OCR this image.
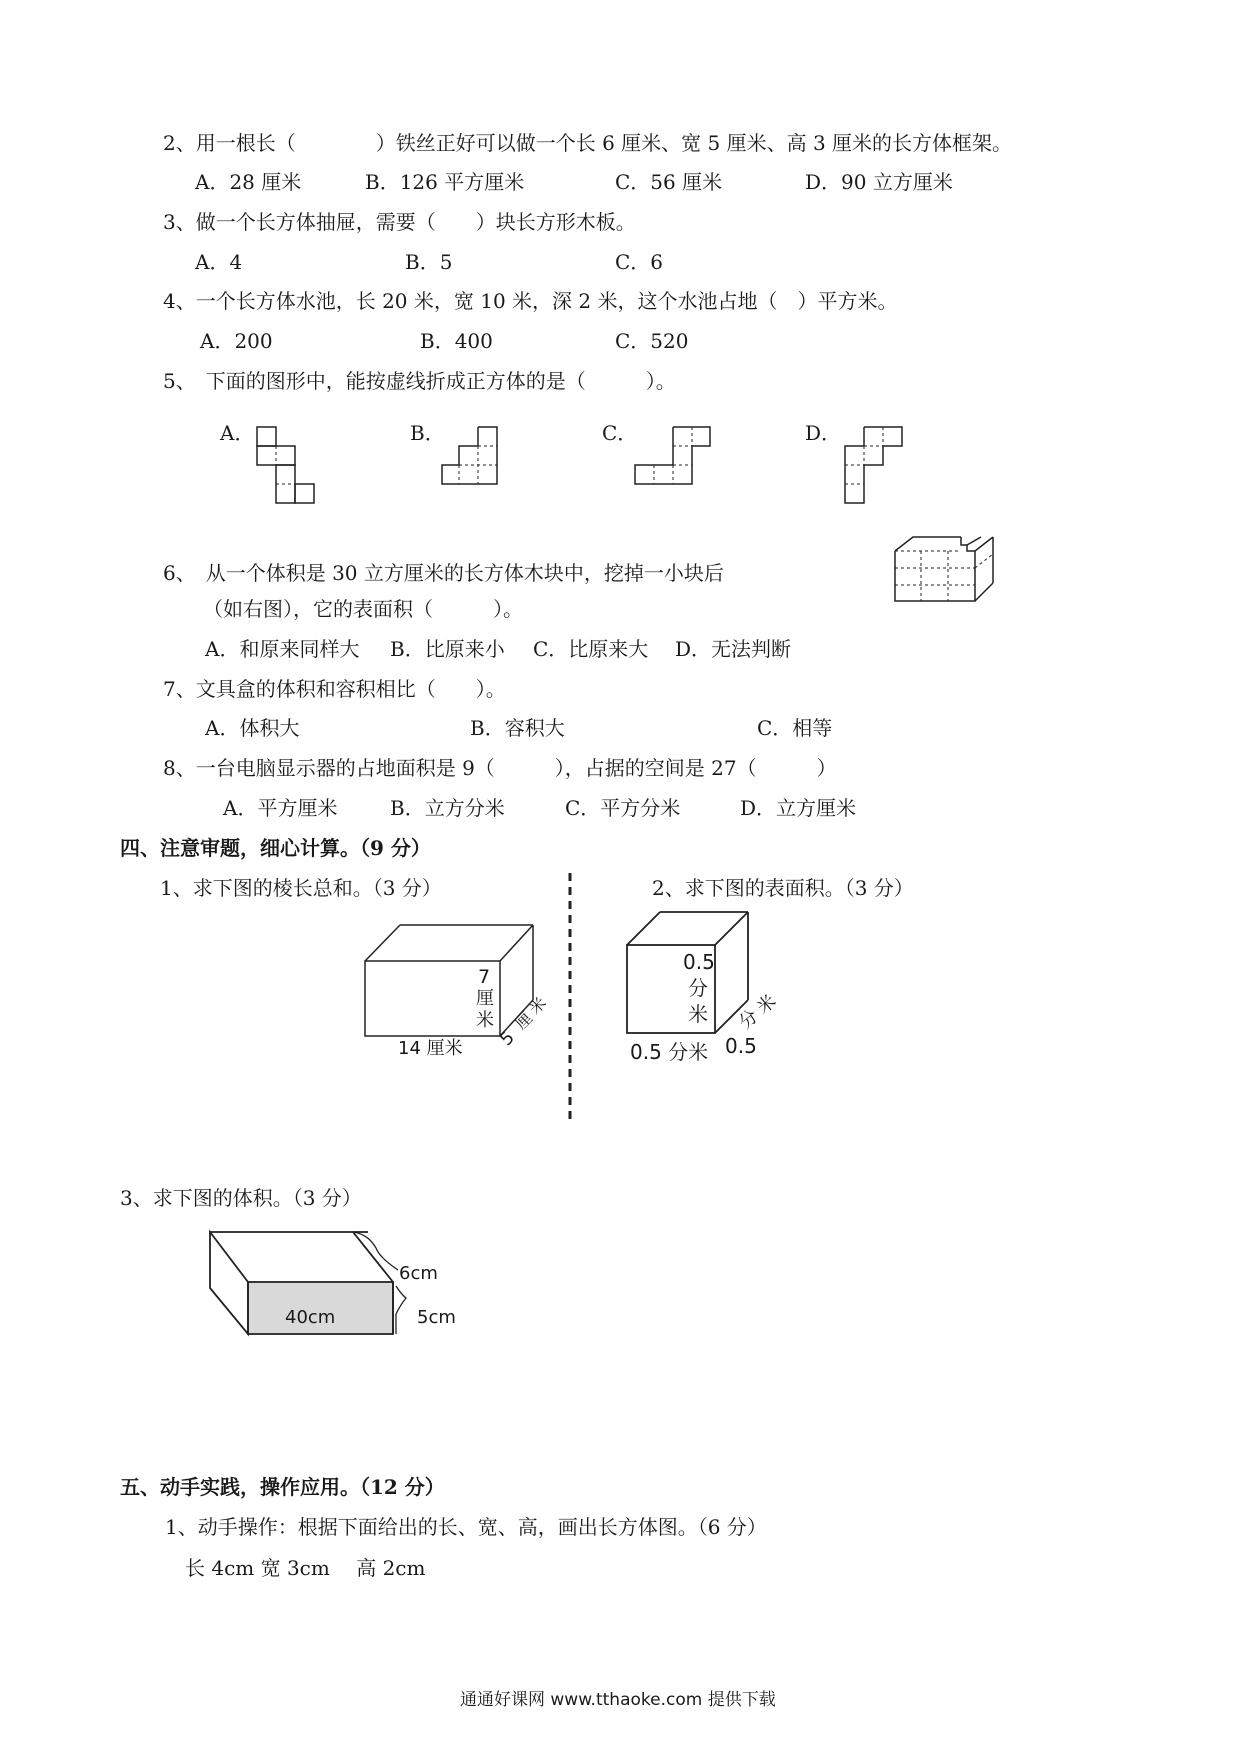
2、用一根长（　　　　）铁丝正好可以做一个长 6 厘米、宽 5 厘米、高 3 厘米的长方体框架。
A．28 厘米	B．126 平方厘米	C．56 厘米	D．90 立方厘米
3、做一个长方体抽屉，需要（　　）块长方形木板。
A．4	B．5	C．6
4、一个长方体水池，长 20 米，宽 10 米，深 2 米，这个水池占地（　）平方米。
A．200	B．400	C．520
5、　下面的图形中，能按虚线折成正方体的是（　　　）。
A．	B．	C．	D．
6、　从一个体积是 30 立方厘米的长方体木块中，挖掉一小块后
（如右图），它的表面积（　　　）。
A．和原来同样大 B．比原来小 C．比原来大 D．无法判断
7、文具盒的体积和容积相比（　　）。
A．体积大	B．容积大	C．相等
8、一台电脑显示器的占地面积是 9（　　　），占据的空间是 27（　　　）
A．平方厘米	B．立方分米	C．平方分米	D．立方厘米
四、注意审题，细心计算。（9 分）
1、求下图的棱长总和。（3 分）	2、求下图的表面积。（3 分）
7
厘
米
14 厘米 5
厘
米
0.5
分
米
0.5 分米 0.5
分
米
3、求下图的体积。（3 分）
40cm
6cm
5cm
五、动手实践，操作应用。（12 分）
1、动手操作：根据下面给出的长、宽、高，画出长方体图。（6 分）
长 4cm 宽 3cm　 高 2cm
通通好课网 www.tthaoke.com 提供下载
